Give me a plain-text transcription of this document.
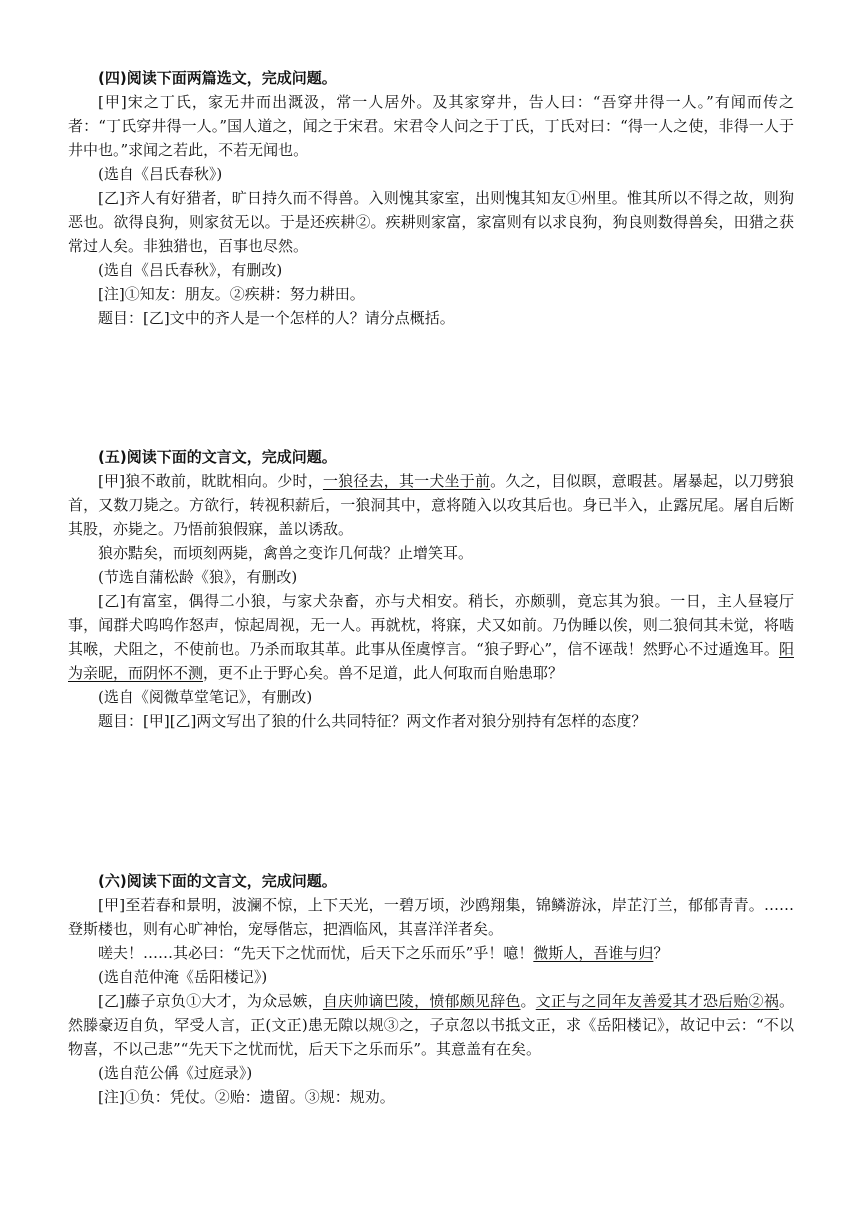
(四)阅读下面两篇选文，完成问题。

[甲]宋之丁氏，家无井而出溉汲，常一人居外。及其家穿井，告人曰：“吾穿井得一人。”有闻而传之者：“丁氏穿井得一人。”国人道之，闻之于宋君。宋君令人问之于丁氏，丁氏对曰：“得一人之使，非得一人于井中也。”求闻之若此，不若无闻也。

(选自《吕氏春秋》)

[乙]齐人有好猎者，旷日持久而不得兽。入则愧其家室，出则愧其知友①州里。惟其所以不得之故，则狗恶也。欲得良狗，则家贫无以。于是还疾耕②。疾耕则家富，家富则有以求良狗，狗良则数得兽矣，田猎之获常过人矣。非独猎也，百事也尽然。

(选自《吕氏春秋》，有删改)

[注]①知友：朋友。②疾耕：努力耕田。

题目：[乙]文中的齐人是一个怎样的人？请分点概括。

(五)阅读下面的文言文，完成问题。

[甲]狼不敢前，眈眈相向。少时，一狼径去，其一犬坐于前。久之，目似瞑，意暇甚。屠暴起，以刀劈狼首，又数刀毙之。方欲行，转视积薪后，一狼洞其中，意将随入以攻其后也。身已半入，止露尻尾。屠自后断其股，亦毙之。乃悟前狼假寐，盖以诱敌。

狼亦黠矣，而顷刻两毙，禽兽之变诈几何哉？止增笑耳。

(节选自蒲松龄《狼》，有删改)

[乙]有富室，偶得二小狼，与家犬杂畜，亦与犬相安。稍长，亦颇驯，竟忘其为狼。一日，主人昼寝厅事，闻群犬呜呜作怒声，惊起周视，无一人。再就枕，将寐，犬又如前。乃伪睡以俟，则二狼伺其未觉，将啮其喉，犬阻之，不使前也。乃杀而取其革。此事从侄虞惇言。“狼子野心”，信不诬哉！然野心不过遁逸耳。阳为亲昵，而阴怀不测，更不止于野心矣。兽不足道，此人何取而自贻患耶？

(选自《阅微草堂笔记》，有删改)

题目：[甲][乙]两文写出了狼的什么共同特征？两文作者对狼分别持有怎样的态度？

(六)阅读下面的文言文，完成问题。

[甲]至若春和景明，波澜不惊，上下天光，一碧万顷，沙鸥翔集，锦鳞游泳，岸芷汀兰，郁郁青青。……登斯楼也，则有心旷神怡，宠辱偕忘，把酒临风，其喜洋洋者矣。

嗟夫！……其必曰：“先天下之忧而忧，后天下之乐而乐”乎！噫！微斯人，吾谁与归？

(选自范仲淹《岳阳楼记》)

[乙]藤子京负①大才，为众忌嫉，自庆帅谪巴陵，愤郁颇见辞色。文正与之同年友善爱其才恐后贻②祸。然滕豪迈自负，罕受人言，正(文正)患无隙以规③之，子京忽以书抵文正，求《岳阳楼记》，故记中云：“不以物喜，不以己悲”“先天下之忧而忧，后天下之乐而乐”。其意盖有在矣。

(选自范公偁《过庭录》)

[注]①负：凭仗。②贻：遗留。③规：规劝。
